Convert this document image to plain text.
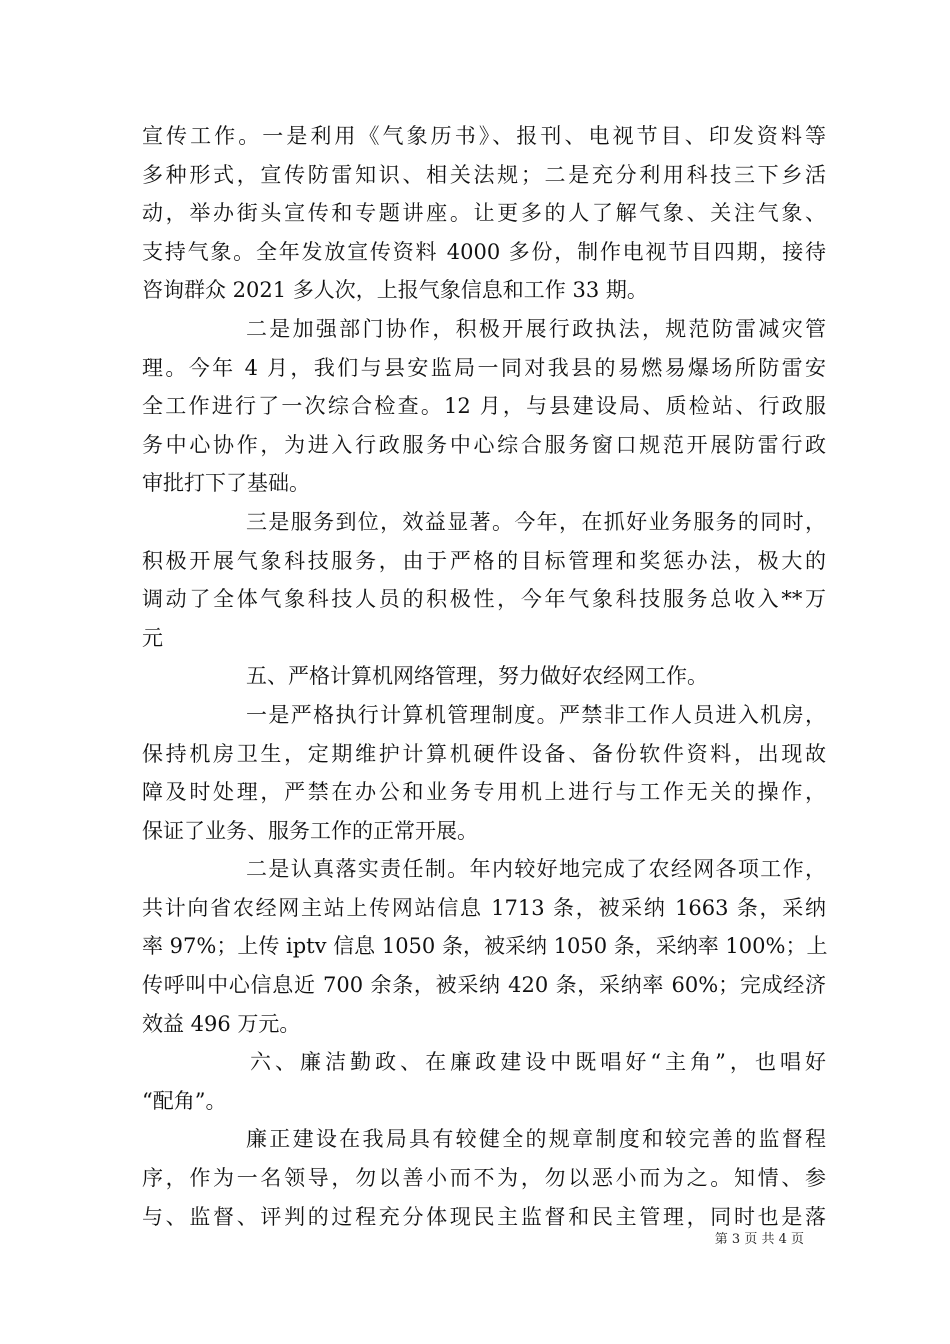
宣传工作。一是利用《气象历书》、报刊、电视节目、印发资料等
多种形式，宣传防雷知识、相关法规；二是充分利用科技三下乡活
动，举办街头宣传和专题讲座。让更多的人了解气象、关注气象、
支持气象。全年发放宣传资料 4000 多份，制作电视节目四期，接待
咨询群众 2021 多人次，上报气象信息和工作 33 期。
二是加强部门协作，积极开展行政执法，规范防雷减灾管
理。今年 4 月，我们与县安监局一同对我县的易燃易爆场所防雷安
全工作进行了一次综合检查。12 月，与县建设局、质检站、行政服
务中心协作，为进入行政服务中心综合服务窗口规范开展防雷行政
审批打下了基础。
三是服务到位，效益显著。今年，在抓好业务服务的同时，
积极开展气象科技服务，由于严格的目标管理和奖惩办法，极大的
调动了全体气象科技人员的积极性，今年气象科技服务总收入**万
元
五、严格计算机网络管理，努力做好农经网工作。
一是严格执行计算机管理制度。严禁非工作人员进入机房，
保持机房卫生，定期维护计算机硬件设备、备份软件资料，出现故
障及时处理，严禁在办公和业务专用机上进行与工作无关的操作，
保证了业务、服务工作的正常开展。
二是认真落实责任制。年内较好地完成了农经网各项工作，
共计向省农经网主站上传网站信息 1713 条，被采纳 1663 条，采纳
率 97%；上传 iptv 信息 1050 条，被采纳 1050 条，采纳率 100%；上
传呼叫中心信息近 700 余条，被采纳 420 条，采纳率 60%；完成经济
效益 496 万元。
六、廉洁勤政、在廉政建设中既唱好“主角”，也唱好
“配角”。
廉正建设在我局具有较健全的规章制度和较完善的监督程
序，作为一名领导，勿以善小而不为，勿以恶小而为之。知情、参
与、监督、评判的过程充分体现民主监督和民主管理，同时也是落
第 3 页 共 4 页
